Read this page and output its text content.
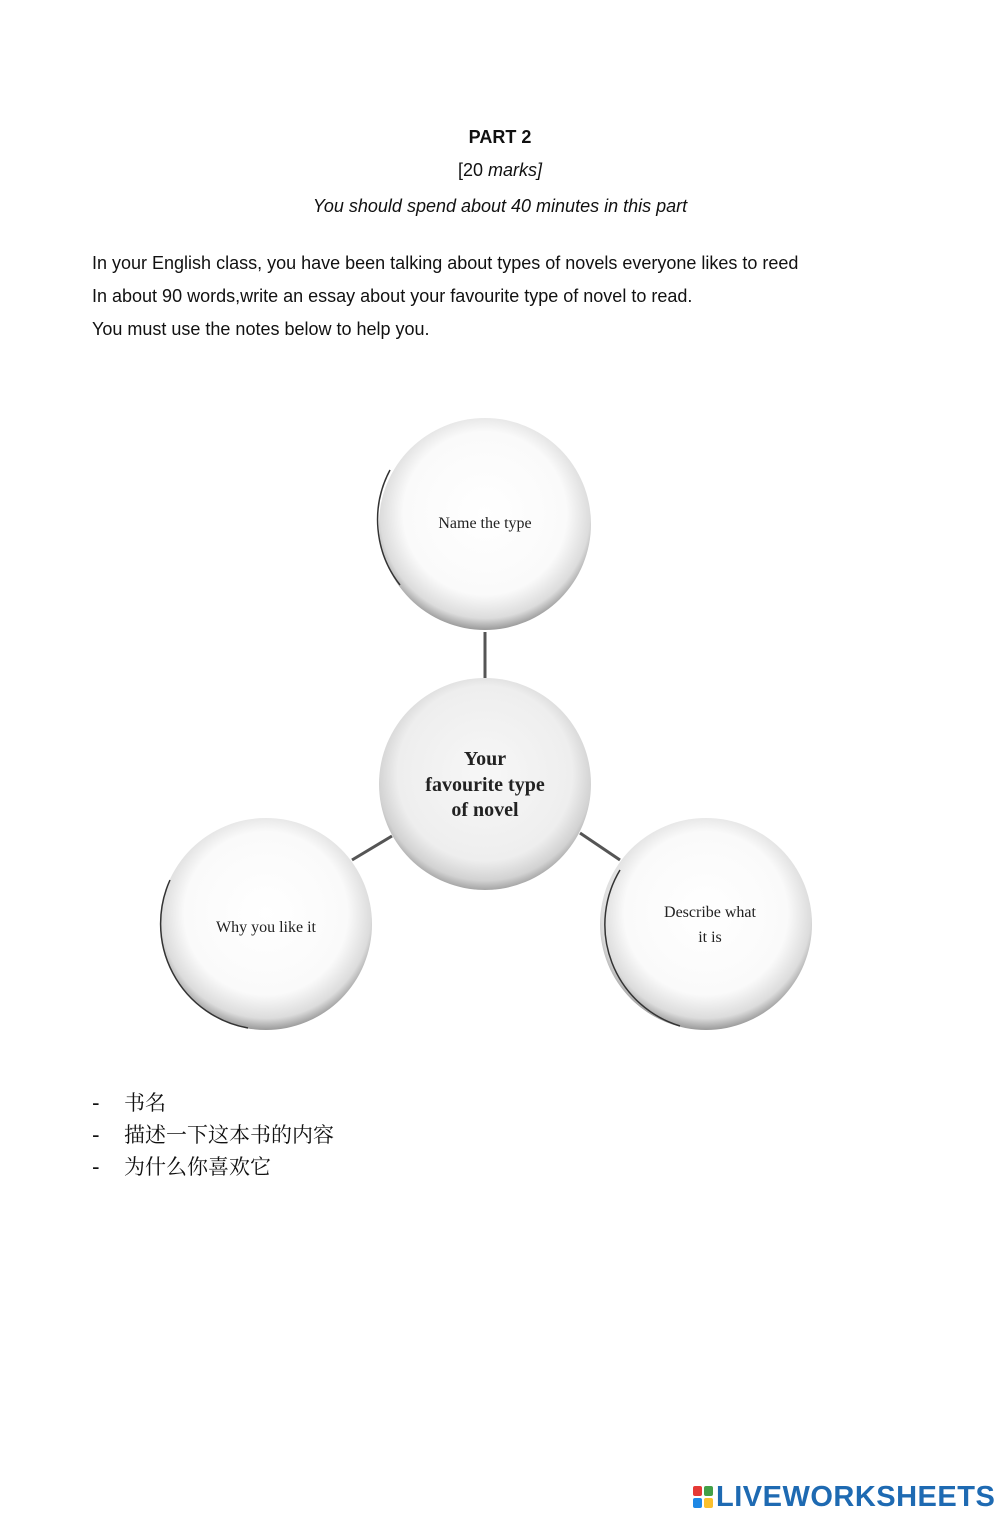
PART 2
[20 marks]
You should spend about 40 minutes in this part
In your English class, you have been talking about types of novels everyone likes to reed
In about 90 words,write an essay about your favourite type of novel to read.
You must use the notes below to help you.
Name the type
Your
favourite type
of novel
Why you like it
Describe what
it is
- 书名
- 描述一下这本书的内容
- 为什么你喜欢它
LIVEWORKSHEETS
